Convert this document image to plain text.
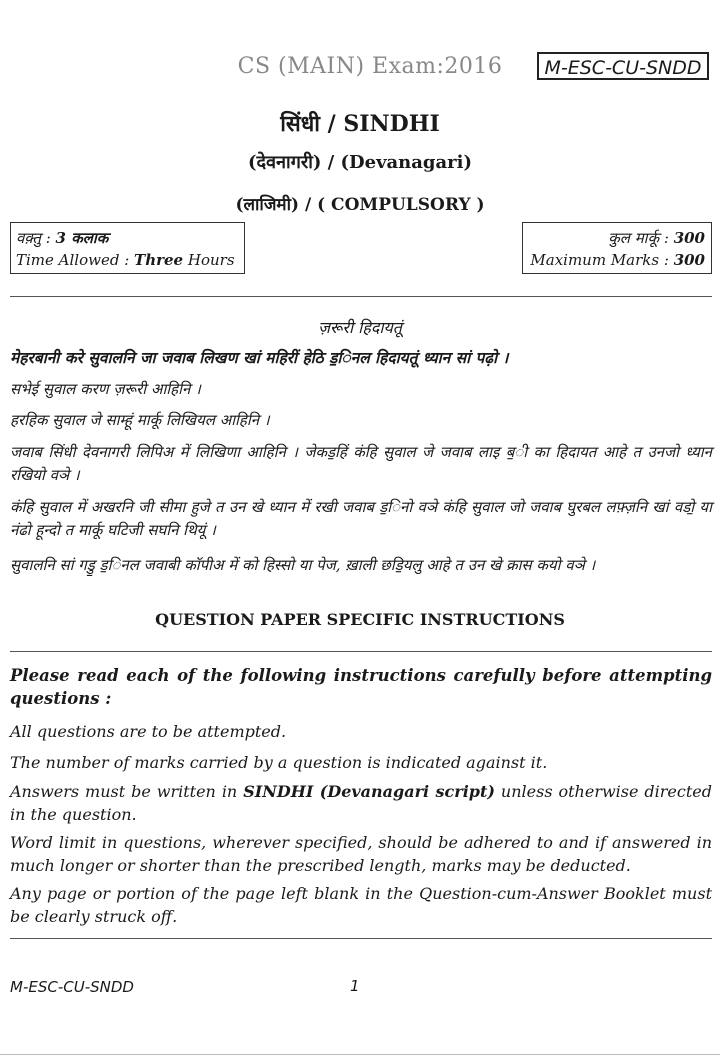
CS (MAIN) Exam:2016	M-ESC-CU-SNDD
सिंधी / SINDHI
(देवनागरी) / (Devanagari)
(लाजिमी) / ( COMPULSORY )
वक़्तु : 3 कलाक
Time Allowed : Three Hours
कुल मार्कू : 300
Maximum Marks : 300
ज़रूरी हिदायतूं
मेहरबानी करे सुवालनि जा जवाब लिखण खां महिरीं हेठि ड॒िनल हिदायतूं ध्यान सां पढ़ो ।
सभेई सुवाल करण ज़रूरी आहिनि ।
हरहिक सुवाल जे साम्हूं मार्कू लिखियल आहिनि ।
जवाब सिंधी देवनागरी लिपिअ में लिखिणा आहिनि । जेकड॒हिं कंहि सुवाल जे जवाब लाइ ब॒ी का हिदायत आहे त उनजो ध्यान रखियो वञे ।
कंहि सुवाल में अखरनि जी सीमा हुजे त उन खे ध्यान में रखी जवाब ड॒िनो वञे कंहि सुवाल जो जवाब घुरबल लफ़्ज़नि खां वडो॒ या नंढो हून्दो त मार्कू घटिजी सघनि थियूं ।
सुवालनि सां गडु॒ ड॒िनल जवाबी कॉपीअ में को हिस्सो या पेज, ख़ाली छडि॒यलु आहे त उन खे क्रास कयो वञे ।
QUESTION PAPER SPECIFIC INSTRUCTIONS
Please read each of the following instructions carefully before attempting questions :
All questions are to be attempted.
The number of marks carried by a question is indicated against it.
Answers must be written in SINDHI (Devanagari script) unless otherwise directed in the question.
Word limit in questions, wherever specified, should be adhered to and if answered in much longer or shorter than the prescribed length, marks may be deducted.
Any page or portion of the page left blank in the Question-cum-Answer Booklet must be clearly struck off.
M-ESC-CU-SNDD	1
